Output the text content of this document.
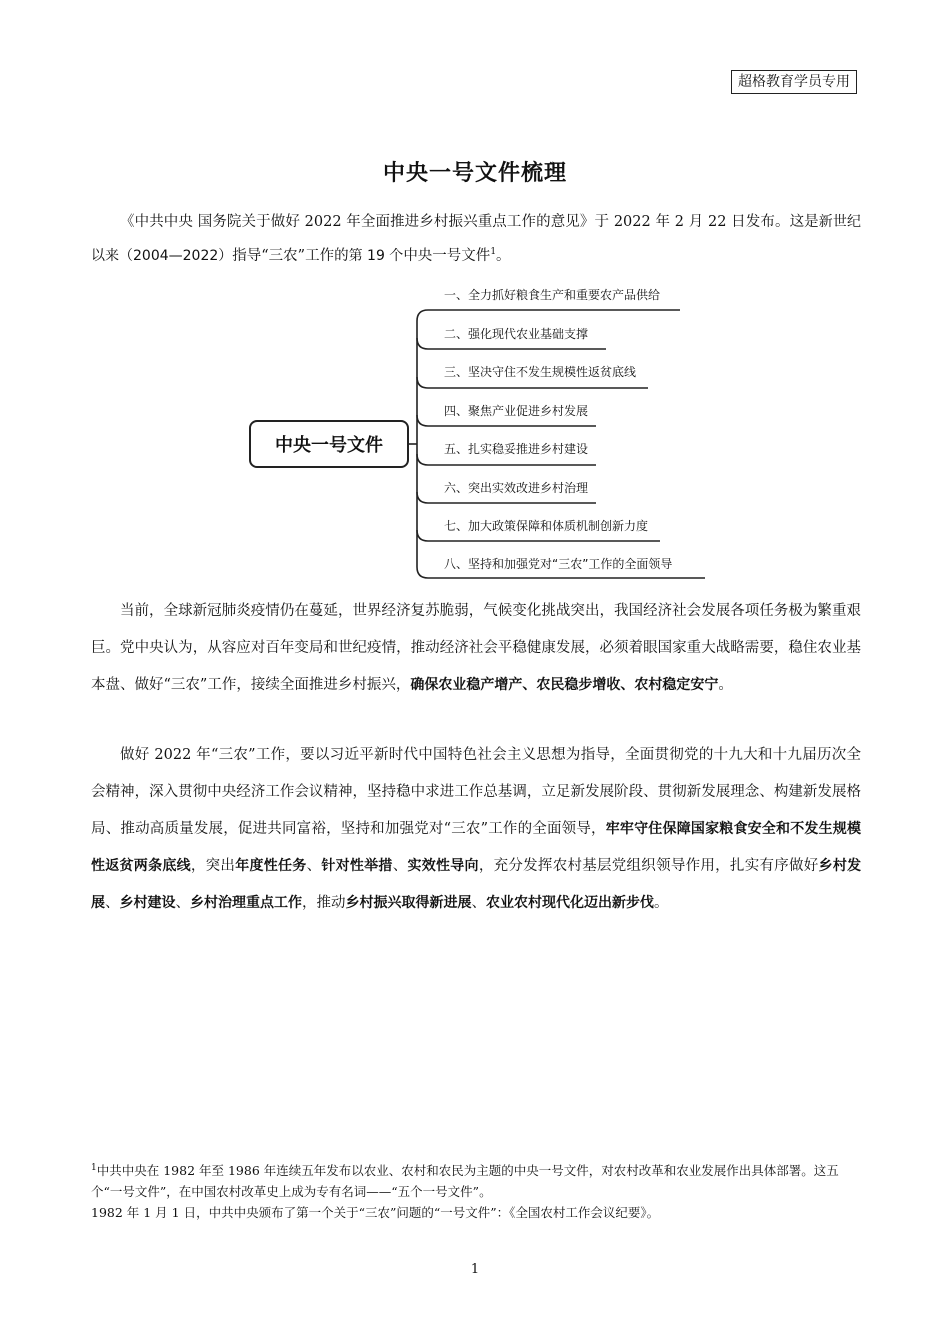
超格教育学员专用
中央一号文件梳理
《中共中央 国务院关于做好 2022 年全面推进乡村振兴重点工作的意见》于 2022 年 2 月 22 日发布。这是新世纪以来（2004—2022）指导“三农”工作的第 19 个中央一号文件$^1$。
中央一号文件
一、全力抓好粮食生产和重要农产品供给
二、强化现代农业基础支撑
三、坚决守住不发生规模性返贫底线
四、聚焦产业促进乡村发展
五、扎实稳妥推进乡村建设
六、突出实效改进乡村治理
七、加大政策保障和体质机制创新力度
八、坚持和加强党对“三农”工作的全面领导
当前，全球新冠肺炎疫情仍在蔓延，世界经济复苏脆弱，气候变化挑战突出，我国经济社会发展各项任务极为繁重艰巨。党中央认为，从容应对百年变局和世纪疫情，推动经济社会平稳健康发展，必须着眼国家重大战略需要，稳住农业基本盘、做好“三农”工作，接续全面推进乡村振兴，确保农业稳产增产、农民稳步增收、农村稳定安宁。
做好 2022 年“三农”工作，要以习近平新时代中国特色社会主义思想为指导，全面贯彻党的十九大和十九届历次全会精神，深入贯彻中央经济工作会议精神，坚持稳中求进工作总基调，立足新发展阶段、贯彻新发展理念、构建新发展格局、推动高质量发展，促进共同富裕，坚持和加强党对“三农”工作的全面领导，牢牢守住保障国家粮食安全和不发生规模性返贫两条底线，突出年度性任务、针对性举措、实效性导向，充分发挥农村基层党组织领导作用，扎实有序做好乡村发展、乡村建设、乡村治理重点工作，推动乡村振兴取得新进展、农业农村现代化迈出新步伐。

$^1$中共中央在 1982 年至 1986 年连续五年发布以农业、农村和农民为主题的中央一号文件，对农村改革和农业发展作出具体部署。这五个“一号文件”，在中国农村改革史上成为专有名词——“五个一号文件”。

1982 年 1 月 1 日，中共中央颁布了第一个关于“三农”问题的“一号文件”：《全国农村工作会议纪要》。

1
